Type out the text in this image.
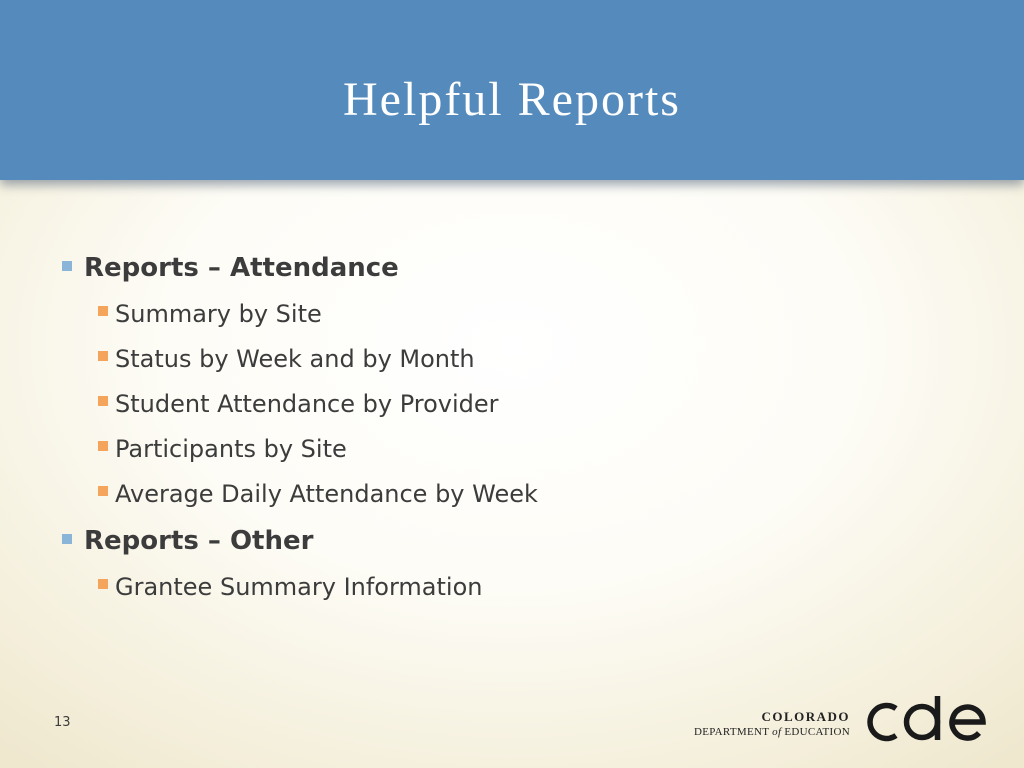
Helpful Reports
Reports – Attendance
Summary by Site
Status by Week and by Month
Student Attendance by Provider
Participants by Site
Average Daily Attendance by Week
Reports – Other
Grantee Summary Information
13	COLORADO
DEPARTMENT of EDUCATION
